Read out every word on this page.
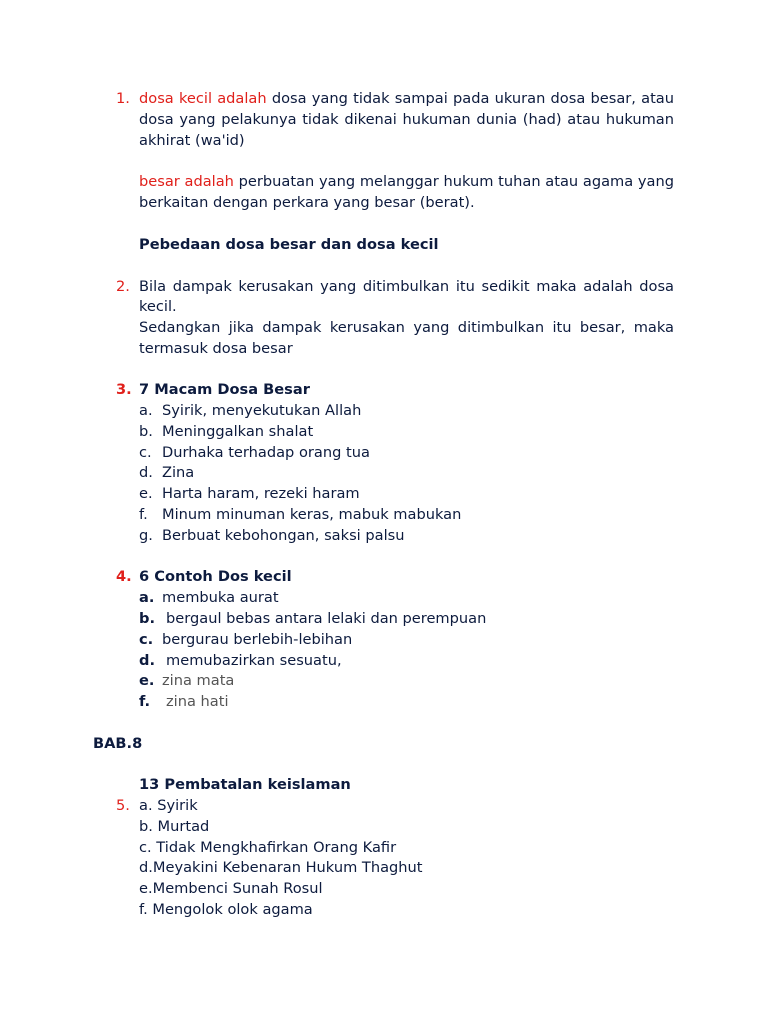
1. dosa kecil adalah dosa yang tidak sampai pada ukuran dosa besar, atau
dosa yang pelakunya tidak dikenai hukuman dunia (had) atau hukuman
akhirat (wa'id)
besar adalah perbuatan yang melanggar hukum tuhan atau agama yang
berkaitan dengan perkara yang besar (berat).
Pebedaan dosa besar dan dosa kecil
2. Bila dampak kerusakan yang ditimbulkan itu sedikit maka adalah dosa
kecil.
Sedangkan jika dampak kerusakan yang ditimbulkan itu besar, maka
termasuk dosa besar
3. 7 Macam Dosa Besar
a. Syirik, menyekutukan Allah
b. Meninggalkan shalat
c. Durhaka terhadap orang tua
d. Zina
e. Harta haram, rezeki haram
f. Minum minuman keras, mabuk mabukan
g. Berbuat kebohongan, saksi palsu
4. 6 Contoh Dos kecil
a. membuka aurat
b. bergaul bebas antara lelaki dan perempuan
c. bergurau berlebih-lebihan
d. memubazirkan sesuatu,
e. zina mata
f. zina hati
BAB.8
13 Pembatalan keislaman
5. a. Syirik
b. Murtad
c. Tidak Mengkhafirkan Orang Kafir
d.Meyakini Kebenaran Hukum Thaghut
e.Membenci Sunah Rosul
f. Mengolok olok agama
